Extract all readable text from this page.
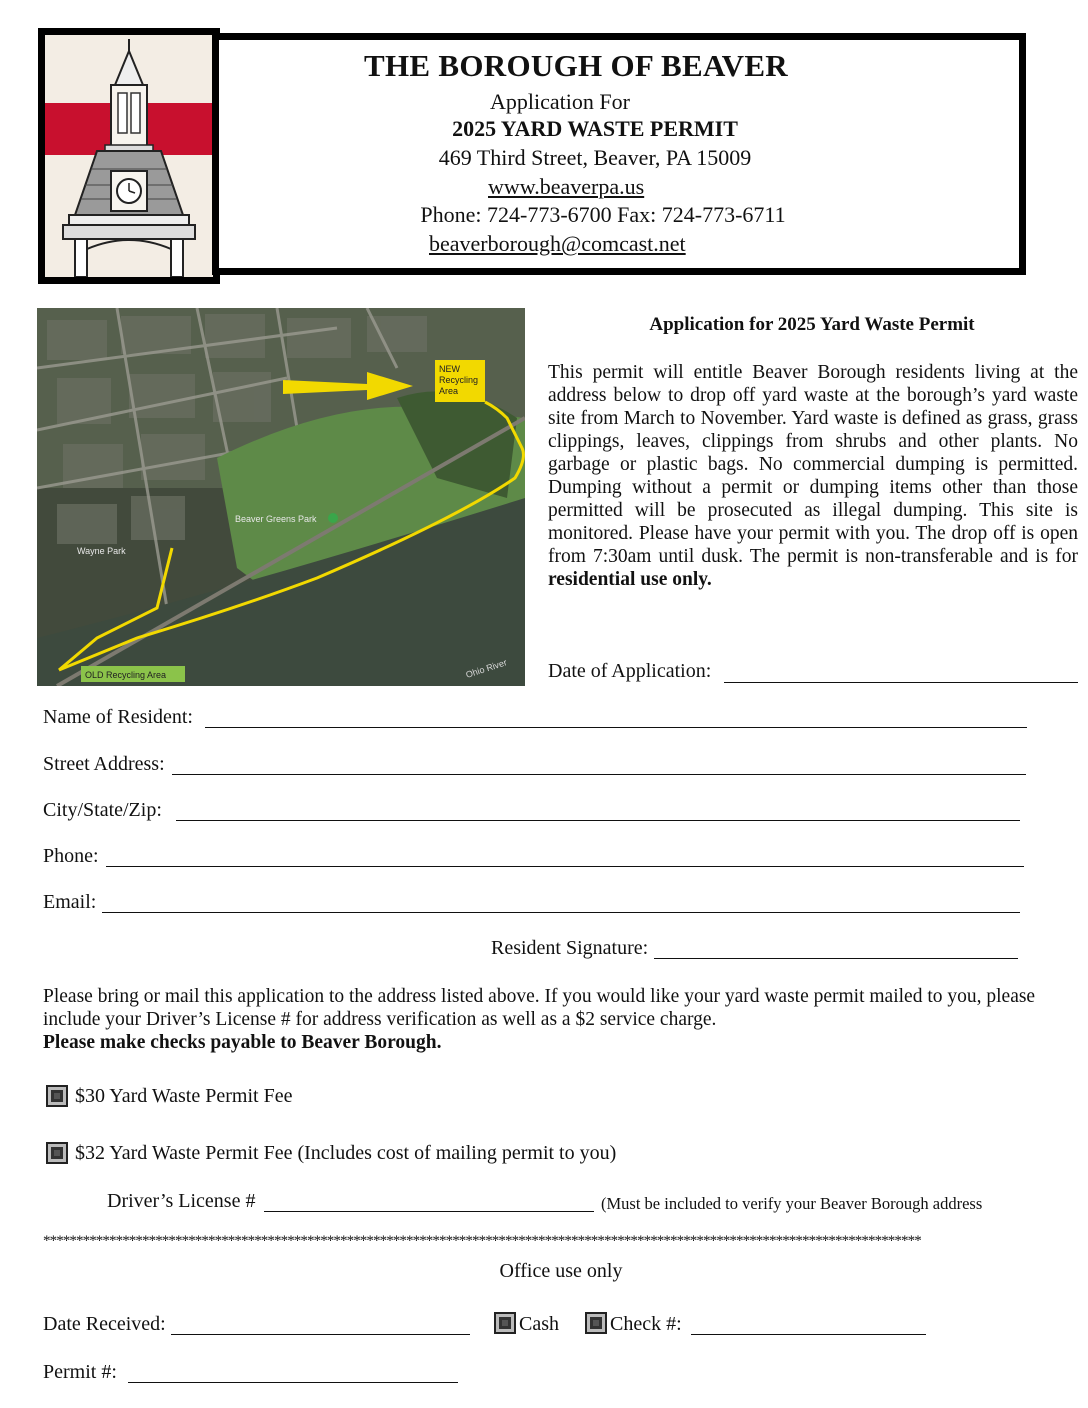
THE BOROUGH OF BEAVER
Application For
2025 YARD WASTE PERMIT
469 Third Street, Beaver, PA 15009
www.beaverpa.us
Phone: 724-773-6700 Fax: 724-773-6711
beaverborough@comcast.net
NEW
Recycling
Area
Beaver Greens Park
Wayne Park
Ohio River
OLD Recycling Area
Application for 2025 Yard Waste Permit
This permit will entitle Beaver Borough residents living at the address below to drop off yard waste at the borough’s yard waste site from March to November. Yard waste is defined as grass, grass clippings, leaves, clippings from shrubs and other plants. No garbage or plastic bags. No commercial dumping is permitted. Dumping without a permit or dumping items other than those permitted will be prosecuted as illegal dumping. This site is monitored. Please have your permit with you. The drop off is open from 7:30am until dusk. The permit is non-transferable and is for residential use only.
Date of Application:
Name of Resident:
Street Address:
City/State/Zip:
Phone:
Email:
Resident Signature:
Please bring or mail this application to the address listed above. If you would like your yard waste permit mailed to you, please include your Driver’s License # for address verification as well as a $2 service charge.
Please make checks payable to Beaver Borough.
$30 Yard Waste Permit Fee
$32 Yard Waste Permit Fee (Includes cost of mailing permit to you)
Driver’s License #	(Must be included to verify your Beaver Borough address
*************************************************************************************************************************************
Office use only
Date Received:	Cash	Check #:
Permit #:
